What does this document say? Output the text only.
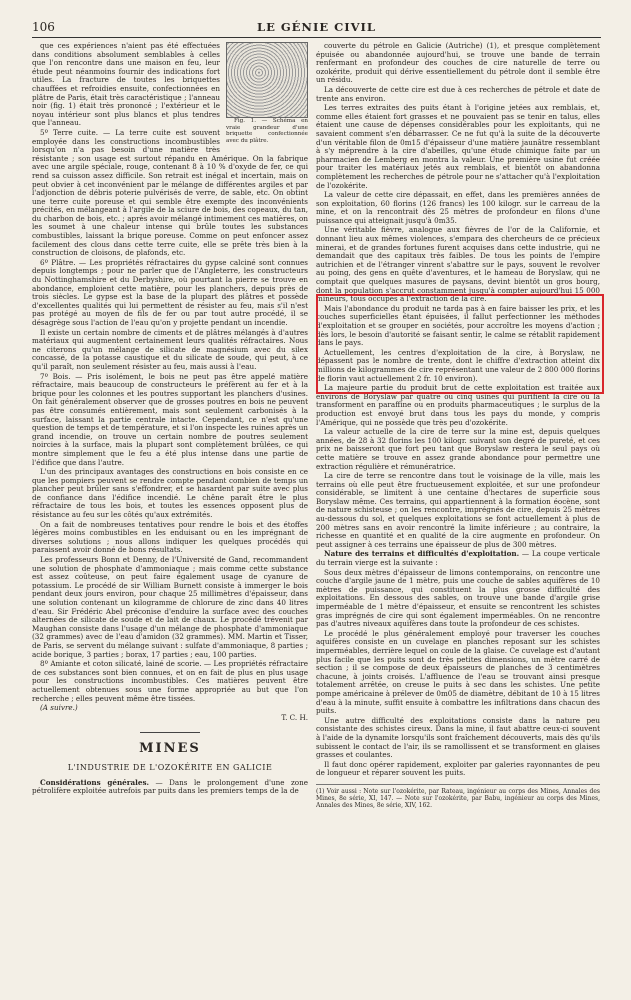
106	LE GÉNIE CIVIL

Fig. 1. — Schéma en vraie grandeur d'une briquette confectionnée avec du plâtre.

que ces expériences n'aient pas été effectuées dans conditions absolument semblables à celles que l'on rencontre dans une maison en feu, leur étude peut néanmoins fournir des indications fort utiles. La fracture de toutes les briquettes chauffées et refroidies ensuite, confectionnées en plâtre de Paris, était très caractéristique ; l'anneau noir (fig. 1) était très prononcé ; l'extérieur et le noyau intérieur sont plus blancs et plus tendres que l'anneau.

5º Terre cuite. — La terre cuite est souvent employée dans les constructions incombustibles lorsqu'on n'a pas besoin d'une matière très résistante ; son usage est surtout répandu en Amérique. On la fabrique avec une argile spéciale, rouge, contenant 8 à 10 % d'oxyde de fer, ce qui rend sa cuisson assez difficile. Son retrait est inégal et incertain, mais on peut obvier à cet inconvénient par le mélange de différentes argiles et par l'adjonction de débris poterie pulvérisés de verre, de sable, etc. On obtint une terre cuite poreuse et qui semble être exempte des inconvénients précités, en mélangeant à l'argile de la sciure de bois, des copeaux, du tan, du charbon de bois, etc. ; après avoir mélangé intimement ces matières, on les soumet à une chaleur intense qui brûle toutes les substances combustibles, laissant la brique poreuse. Comme on peut enfoncer assez facilement des clous dans cette terre cuite, elle se prête très bien à la construction de cloisons, de plafonds, etc.

6º Plâtre. — Les propriétés réfractaires du gypse calciné sont connues depuis longtemps ; pour ne parler que de l'Angleterre, les constructeurs du Nottinghamshire et du Derbyshire, où pourtant la pierre se trouve en abondance, emploient cette matière, pour les planchers, depuis près de trois siècles. Le gypse est la base de la plupart des plâtres et possède d'excellentes qualités qui lui permettent de résister au feu, mais s'il n'est pas protégé au moyen de fils de fer ou par tout autre procédé, il se désagrège sous l'action de l'eau qu'on y projette pendant un incendie.

Il existe un certain nombre de ciments et de plâtres mélangés à d'autres matériaux qui augmentent certainement leurs qualités réfractaires. Nous ne citerons qu'un mélange de silicate de magnésium avec du silex concassé, de la potasse caustique et du silicate de soude, qui peut, à ce qu'il paraît, non seulement résister au feu, mais aussi à l'eau.

7º Bois. — Pris isolément, le bois ne peut pas être appelé matière réfractaire, mais beaucoup de constructeurs le préfèrent au fer et à la brique pour les colonnes et les poutres supportant les planchers d'usines. On fait généralement observer que de grosses poutres en bois ne peuvent pas être consumés entièrement, mais sont seulement carbonisés à la surface, laissant la partie centrale intacte. Cependant, ce n'est qu'une question de temps et de température, et si l'on inspecte les ruines après un grand incendie, on trouve un certain nombre de poutres seulement noircies à la surface, mais la plupart sont complètement brûlées, ce qui montre simplement que le feu a été plus intense dans une partie de l'édifice que dans l'autre.

L'un des principaux avantages des constructions en bois consiste en ce que les pompiers peuvent se rendre compte pendant combien de temps un plancher peut brûler sans s'effondrer, et se hasardent par suite avec plus de confiance dans l'édifice incendié. Le chêne paraît être le plus réfractaire de tous les bois, et toutes les essences opposent plus de résistance au feu sur les côtés qu'aux extrémités.

On a fait de nombreuses tentatives pour rendre le bois et des étoffes légères moins combustibles en les enduisant ou en les imprégnant de diverses solutions ; nous allons indiquer les quelques procédés qui paraissent avoir donné de bons résultats.

Les professeurs Bonn et Denny, de l'Université de Gand, recommandent une solution de phosphate d'ammoniaque ; mais comme cette substance est assez coûteuse, on peut faire également usage de cyanure de potassium. Le procédé de sir William Burnett consiste à immerger le bois pendant deux jours environ, pour chaque 25 millimètres d'épaisseur, dans une solution contenant un kilogramme de chlorure de zinc dans 40 litres d'eau. Sir Frédéric Abel préconise d'enduire la surface avec des couches alternées de silicate de soude et de lait de chaux. Le procédé trévenit par Maughan consiste dans l'usage d'un mélange de phosphate d'ammoniaque (32 grammes) avec de l'eau d'amidon (32 grammes). MM. Martin et Tisser, de Paris, se servent du mélange suivant : sulfate d'ammoniaque, 8 parties ; acide borique, 3 parties ; borax, 17 parties ; eau, 100 parties.

8º Amiante et coton silicaté, lainé de scorie. — Les propriétés réfractaire de ces substances sont bien connues, et on en fait de plus en plus usage pour les constructions incombustibles. Ces matières peuvent être actuellement obtenues sous une forme appropriée au but que l'on recherche ; elles peuvent même être tissées.

(A suivre.)

T. C. H.

MINES
L'INDUSTRIE DE L'OZOKÉRITE EN GALICIE

Considérations générales. — Dans le prolongement d'une zone pétrolifère exploitée autrefois par puits dans les premiers temps de la de

couverte du pétrole en Galicie (Autriche) (1), et presque complètement épuisée ou abandonnée aujourd'hui, se trouve une bande de terrain renfermant en profondeur des couches de cire naturelle de terre ou ozokérite, produit qui dérive essentiellement du pétrole dont il semble être un résidu.

La découverte de cette cire est due à ces recherches de pétrole et date de trente ans environ.

Les terres extraites des puits étant à l'origine jetées aux remblais, et, comme elles étaient fort grasses et ne pouvaient pas se tenir en talus, elles étaient une cause de dépenses considérables pour les exploitants, qui ne savaient comment s'en débarrasser. Ce ne fut qu'à la suite de la découverte d'un véritable filon de 0m15 d'épaisseur d'une matière jaunâtre ressemblant à s'y méprendre à la cire d'abeilles, qu'une étude chimique faite par un pharmacien de Lemberg en montra la valeur. Une première usine fut créée pour traiter les matériaux jetés aux remblais, et bientôt on abandonna complètement les recherches de pétrole pour ne s'attacher qu'à l'exploitation de l'ozokérite.

La valeur de cette cire dépassait, en effet, dans les premières années de son exploitation, 60 florins (126 francs) les 100 kilogr. sur le carreau de la mine, et on la rencontrait dès 25 mètres de profondeur en filons d'une puissance qui atteignait jusqu'à 0m35.

Une véritable fièvre, analogue aux fièvres de l'or de la Californie, et donnant lieu aux mêmes violences, s'empara des chercheurs de ce précieux minerai, et de grandes fortunes furent acquises dans cette industrie, qui ne demandait que des capitaux très faibles. De tous les points de l'empire autrichien et de l'étranger vinrent s'abattre sur le pays, souvent le revolver au poing, des gens en quête d'aventures, et le hameau de Boryslaw, qui ne comptait que quelques masures de paysans, devint bientôt un gros bourg, dont la population s'accrut constamment jusqu'à compter aujourd'hui 15 000 mineurs, tous occupés à l'extraction de la cire.

Mais l'abondance du produit ne tarda pas à en faire baisser les prix, et les couches superficielles étant épuisées, il fallut perfectionner les méthodes d'exploitation et se grouper en sociétés, pour accroître les moyens d'action ; dès lors, le besoin d'autorité se faisant sentir, le calme se rétablit rapidement dans le pays.

Actuellement, les centres d'exploitation de la cire, à Boryslaw, ne dépassent pas le nombre de trente, dont le chiffre d'extraction atteint dix millions de kilogrammes de cire représentant une valeur de 2 800 000 florins de florin vaut actuellement 2 fr. 10 environ).

La majeure partie du produit brut de cette exploitation est traitée aux environs de Boryslaw par quatre ou cinq usines qui purifient la cire ou la transforment en paraffine ou en produits pharmaceutiques ; le surplus de la production est envoyé brut dans tous les pays du monde, y compris l'Amérique, qui ne possède que très peu d'ozokérite.

La valeur actuelle de la cire de terre sur la mine est, depuis quelques années, de 28 à 32 florins les 100 kilogr. suivant son degré de pureté, et ces prix ne baisseront que fort peu tant que Boryslaw restera le seul pays où cette matière se trouve en assez grande abondance pour permettre une extraction régulière et rémunératrice.

La cire de terre se rencontre dans tout le voisinage de la ville, mais les terrains où elle peut être fructueusement exploitée, et sur une profondeur considérable, se limitent à une centaine d'hectares de superficie sous Boryslaw même. Ces terrains, qui appartiennent à la formation éocène, sont de nature schisteuse ; on les rencontre, imprégnés de cire, depuis 25 mètres au-dessous du sol, et quelques exploitations se font actuellement à plus de 200 mètres sans en avoir rencontré la limite inférieure ; au contraire, la richesse en quantité et en qualité de la cire augmente en profondeur. On peut assigner à ces terrains une épaisseur de plus de 300 mètres.

Nature des terrains et difficultés d'exploitation. — La coupe verticale du terrain vierge est la suivante :

Sous deux mètres d'épaisseur de limons contemporains, on rencontre une couche d'argile jaune de 1 mètre, puis une couche de sables aquifères de 10 mètres de puissance, qui constituent la plus grosse difficulté des exploitations. En dessous des sables, on trouve une bande d'argile grise imperméable de 1 mètre d'épaisseur, et ensuite se rencontrent les schistes gras imprégnés de cire qui sont également imperméables. On ne rencontre pas d'autres niveaux aquifères dans toute la profondeur de ces schistes.

Le procédé le plus généralement employé pour traverser les couches aquifères consiste en un cuvelage en planches reposant sur les schistes imperméables, derrière lequel on coule de la glaise. Ce cuvelage est d'autant plus facile que les puits sont de très petites dimensions, un mètre carré de section ; il se compose de deux épaisseurs de planches de 3 centimètres chacune, à joints croisés. L'affluence de l'eau se trouvant ainsi presque totalement arrêtée, on creuse le puits à sec dans les schistes. Une petite pompe américaine à prélever de 0m05 de diamètre, débitant de 10 à 15 litres d'eau à la minute, suffit ensuite à combattre les infiltrations dans chacun des puits.

Une autre difficulté des exploitations consiste dans la nature peu consistante des schistes cireux. Dans la mine, il faut abattre ceux-ci souvent à l'aide de la dynamite lorsqu'ils sont fraîchement découverts, mais dès qu'ils subissent le contact de l'air, ils se ramollissent et se transforment en glaises grasses et coulantes.

Il faut donc opérer rapidement, exploiter par galeries rayonnantes de peu de longueur et réparer souvent les puits.

(1) Voir aussi : Note sur l'ozokérite, par Rateau, ingénieur au corps des Mines, Annales des Mines, 8e série, XI, 147. — Note sur l'ozokérite, par Babu, ingénieur au corps des Mines, Annales des Mines, 8e série, XIV, 162.
